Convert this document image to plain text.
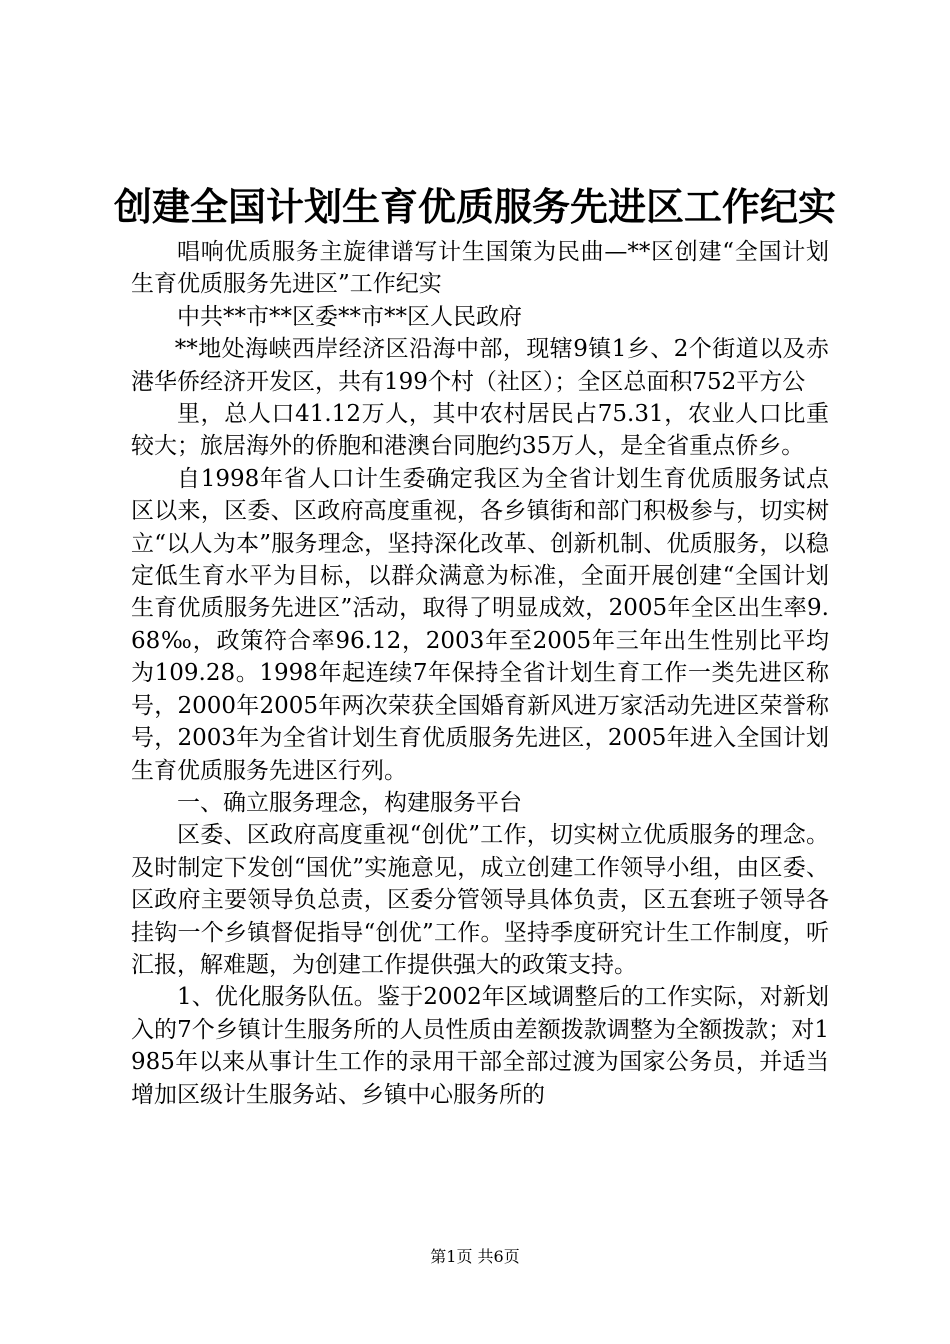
创建全国计划生育优质服务先进区工作纪实

唱响优质服务主旋律谱写计生国策为民曲—**区创建“全国计划生育优质服务先进区”工作纪实

中共**市**区委**市**区人民政府

**地处海峡西岸经济区沿海中部，现辖9镇1乡、2个街道以及赤港华侨经济开发区，共有199个村（社区）；全区总面积752平方公

里，总人口41.12万人，其中农村居民占75.31，农业人口比重较大；旅居海外的侨胞和港澳台同胞约35万人，是全省重点侨乡。

自1998年省人口计生委确定我区为全省计划生育优质服务试点区以来，区委、区政府高度重视，各乡镇街和部门积极参与，切实树立“以人为本”服务理念，坚持深化改革、创新机制、优质服务，以稳定低生育水平为目标，以群众满意为标准，全面开展创建“全国计划生育优质服务先进区”活动，取得了明显成效，2005年全区出生率9.68‰，政策符合率96.12，2003年至2005年三年出生性别比平均为109.28。1998年起连续7年保持全省计划生育工作一类先进区称号，2000年2005年两次荣获全国婚育新风进万家活动先进区荣誉称号，2003年为全省计划生育优质服务先进区，2005年进入全国计划生育优质服务先进区行列。

一、确立服务理念，构建服务平台

区委、区政府高度重视“创优”工作，切实树立优质服务的理念。及时制定下发创“国优”实施意见，成立创建工作领导小组，由区委、区政府主要领导负总责，区委分管领导具体负责，区五套班子领导各挂钩一个乡镇督促指导“创优”工作。坚持季度研究计生工作制度，听汇报，解难题，为创建工作提供强大的政策支持。

1、优化服务队伍。鉴于2002年区域调整后的工作实际，对新划入的7个乡镇计生服务所的人员性质由差额拨款调整为全额拨款；对1985年以来从事计生工作的录用干部全部过渡为国家公务员，并适当增加区级计生服务站、乡镇中心服务所的

第1页 共6页
